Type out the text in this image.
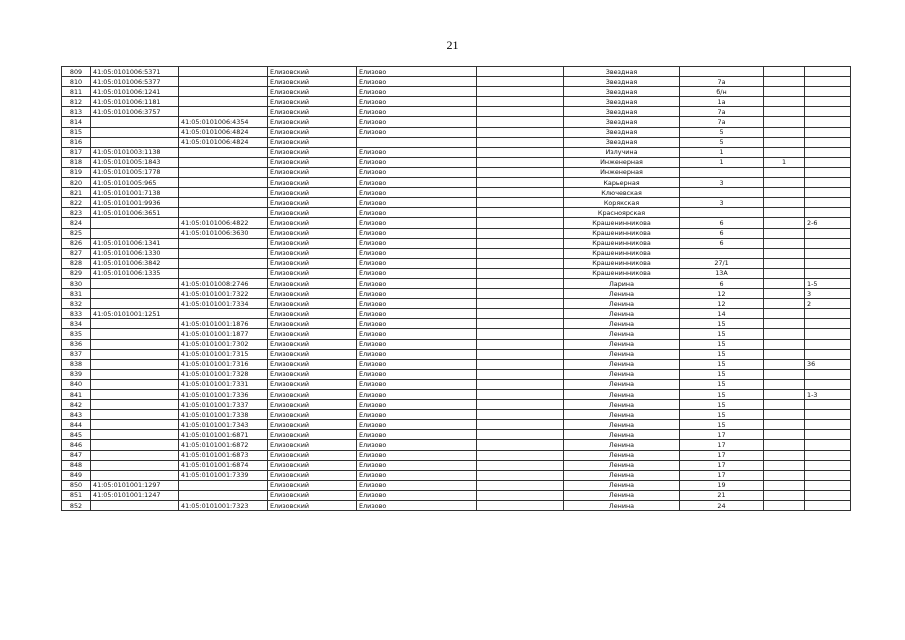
21
809	41:05:0101006:5371		Елизовский	Елизово		Звездная			
810	41:05:0101006:5377		Елизовский	Елизово		Звездная	7а		
811	41:05:0101006:1241		Елизовский	Елизово		Звездная	б/н		
812	41:05:0101006:1181		Елизовский	Елизово		Звездная	1а		
813	41:05:0101006:3757		Елизовский	Елизово		Звездная	7а		
814		41:05:0101006:4354	Елизовский	Елизово		Звездная	7а		
815		41:05:0101006:4824	Елизовский	Елизово		Звездная	5		
816		41:05:0101006:4824	Елизовский			Звездная	5		
817	41:05:0101003:1138		Елизовский	Елизово		Излучина	1		
818	41:05:0101005:1843		Елизовский	Елизово		Инженерная	1	1	
819	41:05:0101005:1778		Елизовский	Елизово		Инженерная			
820	41:05:0101005:965		Елизовский	Елизово		Карьерная	3		
821	41:05:0101001:7138		Елизовский	Елизово		Ключевская			
822	41:05:0101001:9936		Елизовский	Елизово		Корякская	3		
823	41:05:0101006:3651		Елизовский	Елизово		Красноярская			
824		41:05:0101006:4822	Елизовский	Елизово		Крашенинникова	6		2-6
825		41:05:0101006:3630	Елизовский	Елизово		Крашенинникова	6		
826	41:05:0101006:1341		Елизовский	Елизово		Крашенинникова	6		
827	41:05:0101006:1330		Елизовский	Елизово		Крашенинникова			
828	41:05:0101006:3842		Елизовский	Елизово		Крашенинникова	27/1		
829	41:05:0101006:1335		Елизовский	Елизово		Крашенинникова	13А		
830		41:05:0101008:2746	Елизовский	Елизово		Ларина	6		1-5
831		41:05:0101001:7322	Елизовский	Елизово		Ленина	12		3
832		41:05:0101001:7334	Елизовский	Елизово		Ленина	12		2
833	41:05:0101001:1251		Елизовский	Елизово		Ленина	14		
834		41:05:0101001:1876	Елизовский	Елизово		Ленина	15		
835		41:05:0101001:1877	Елизовский	Елизово		Ленина	15		
836		41:05:0101001:7302	Елизовский	Елизово		Ленина	15		
837		41:05:0101001:7315	Елизовский	Елизово		Ленина	15		
838		41:05:0101001:7316	Елизовский	Елизово		Ленина	15		36
839		41:05:0101001:7328	Елизовский	Елизово		Ленина	15		
840		41:05:0101001:7331	Елизовский	Елизово		Ленина	15		
841		41:05:0101001:7336	Елизовский	Елизово		Ленина	15		1-3
842		41:05:0101001:7337	Елизовский	Елизово		Ленина	15		
843		41:05:0101001:7338	Елизовский	Елизово		Ленина	15		
844		41:05:0101001:7343	Елизовский	Елизово		Ленина	15		
845		41:05:0101001:6871	Елизовский	Елизово		Ленина	17		
846		41:05:0101001:6872	Елизовский	Елизово		Ленина	17		
847		41:05:0101001:6873	Елизовский	Елизово		Ленина	17		
848		41:05:0101001:6874	Елизовский	Елизово		Ленина	17		
849		41:05:0101001:7339	Елизовский	Елизово		Ленина	17		
850	41:05:0101001:1297		Елизовский	Елизово		Ленина	19		
851	41:05:0101001:1247		Елизовский	Елизово		Ленина	21		
852		41:05:0101001:7323	Елизовский	Елизово		Ленина	24		
